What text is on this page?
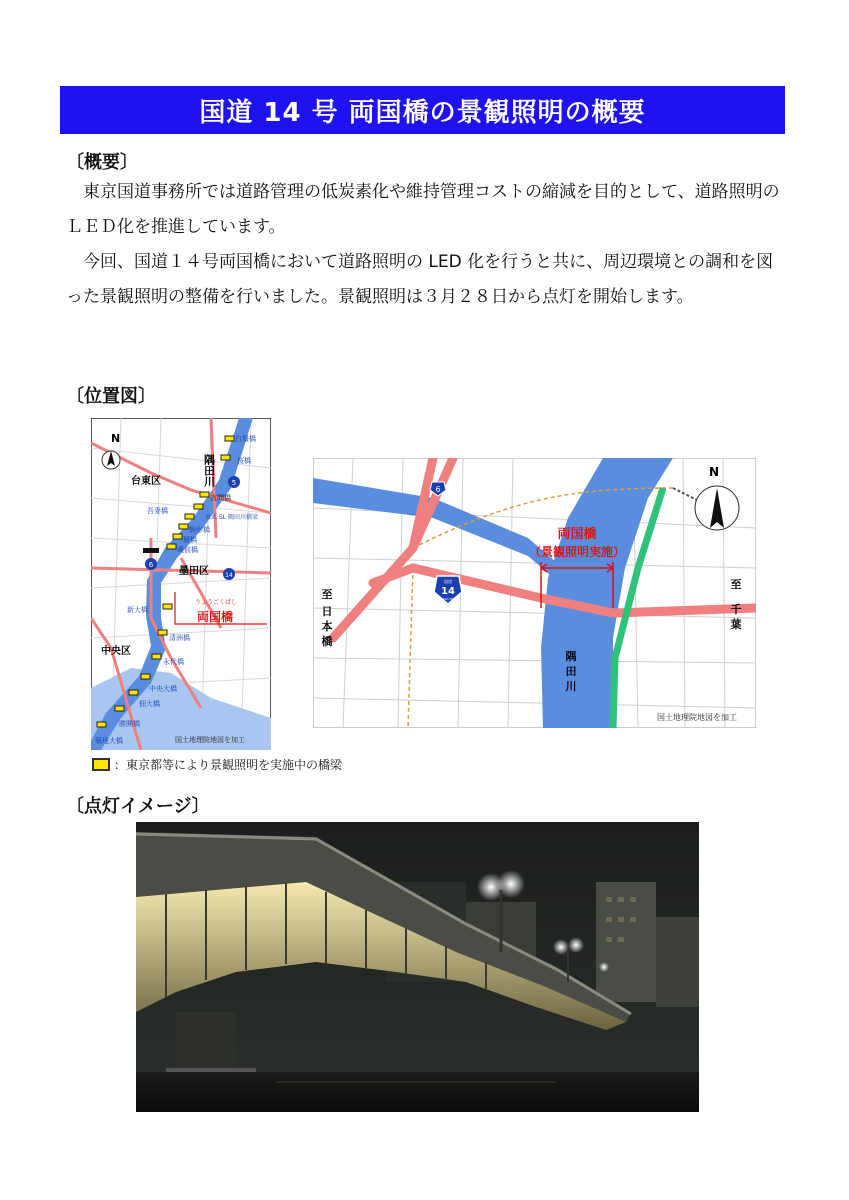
国道 14 号 両国橋の景観照明の概要
〔概要〕

東京国道事務所では道路管理の低炭素化や維持管理コストの縮減を目的として、道路照明のＬＥＤ化を推進しています。

今回、国道１４号両国橋において道路照明の LED 化を行うと共に、周辺環境との調和を図った景観照明の整備を行いました。景観照明は３月２８日から点灯を開始します。

〔位置図〕
6
5
14
N
台東区
墨田区
中央区
隅田川
りょうごくばし
両国橋
白鬚橋
桜橋
言問橋
吾妻橋
東武 SL 隅田川橋梁
駒形橋
厩橋
蔵前橋
新大橋
清洲橋
永代橋
中央大橋
佃大橋
勝鬨橋
築地大橋	国土地理院地図を加工
両国橋
（景観照明実施）
6
国道
14
ROUTE
N
至
日
本
橋
至
千
葉
隅
田
川
国土地理院地図を加工
：東京都等により景観照明を実施中の橋梁
〔点灯イメージ〕
